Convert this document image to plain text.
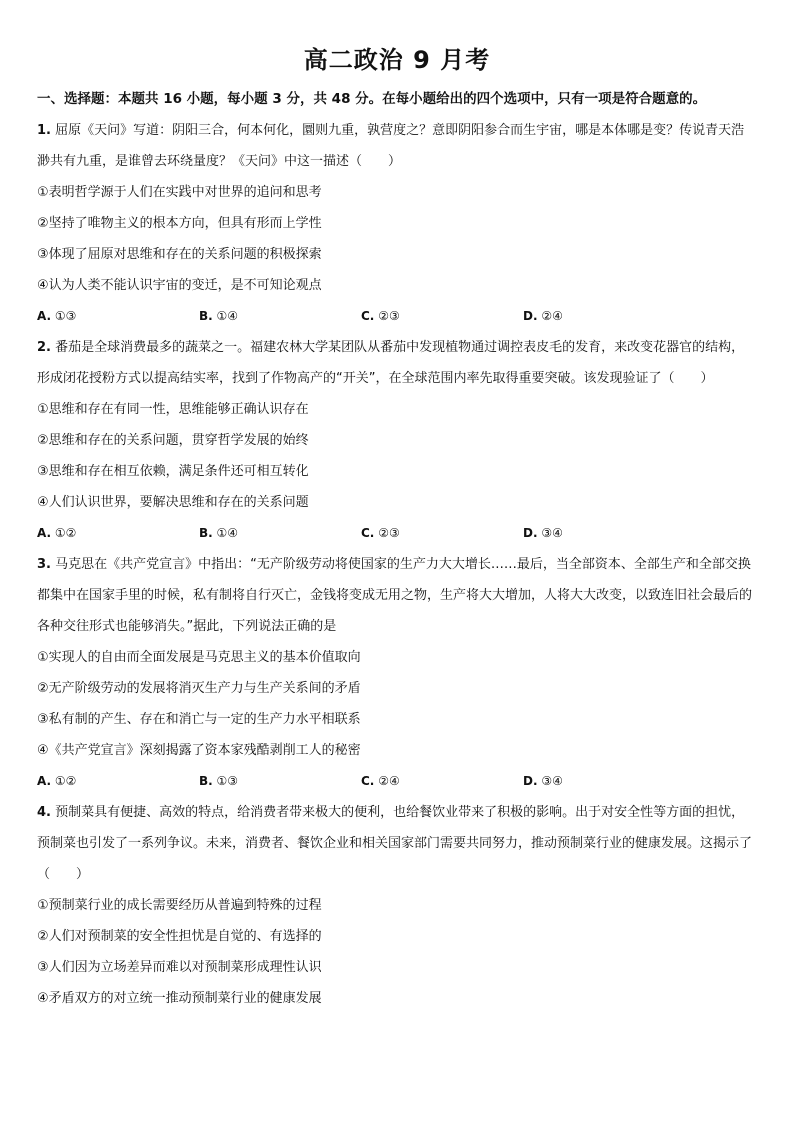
高二政治 9 月考
一、选择题：本题共 16 小题，每小题 3 分，共 48 分。在每小题给出的四个选项中，只有一项是符合题意的。
1. 屈原《天问》写道：阴阳三合，何本何化，圜则九重，孰营度之？意即阴阳参合而生宇宙，哪是本体哪是变？传说青天浩渺共有九重，是谁曾去环绕量度？《天问》中这一描述（　　）
①表明哲学源于人们在实践中对世界的追问和思考
②坚持了唯物主义的根本方向，但具有形而上学性
③体现了屈原对思维和存在的关系问题的积极探索
④认为人类不能认识宇宙的变迁，是不可知论观点
A. ①③	B. ①④	C. ②③	D. ②④
2. 番茄是全球消费最多的蔬菜之一。福建农林大学某团队从番茄中发现植物通过调控表皮毛的发育，来改变花器官的结构，形成闭花授粉方式以提高结实率，找到了作物高产的“开关”，在全球范围内率先取得重要突破。该发现验证了（　　）
①思维和存在有同一性，思维能够正确认识存在
②思维和存在的关系问题，贯穿哲学发展的始终
③思维和存在相互依赖，满足条件还可相互转化
④人们认识世界，要解决思维和存在的关系问题
A. ①②	B. ①④	C. ②③	D. ③④
3. 马克思在《共产党宣言》中指出：“无产阶级劳动将使国家的生产力大大增长……最后，当全部资本、全部生产和全部交换都集中在国家手里的时候，私有制将自行灭亡，金钱将变成无用之物，生产将大大增加，人将大大改变，以致连旧社会最后的各种交往形式也能够消失。”据此，下列说法正确的是
①实现人的自由而全面发展是马克思主义的基本价值取向
②无产阶级劳动的发展将消灭生产力与生产关系间的矛盾
③私有制的产生、存在和消亡与一定的生产力水平相联系
④《共产党宣言》深刻揭露了资本家残酷剥削工人的秘密
A. ①②	B. ①③	C. ②④	D. ③④
4. 预制菜具有便捷、高效的特点，给消费者带来极大的便利，也给餐饮业带来了积极的影响。出于对安全性等方面的担忧，预制菜也引发了一系列争议。未来，消费者、餐饮企业和相关国家部门需要共同努力，推动预制菜行业的健康发展。这揭示了（　　）
①预制菜行业的成长需要经历从普遍到特殊的过程
②人们对预制菜的安全性担忧是自觉的、有选择的
③人们因为立场差异而难以对预制菜形成理性认识
④矛盾双方的对立统一推动预制菜行业的健康发展
